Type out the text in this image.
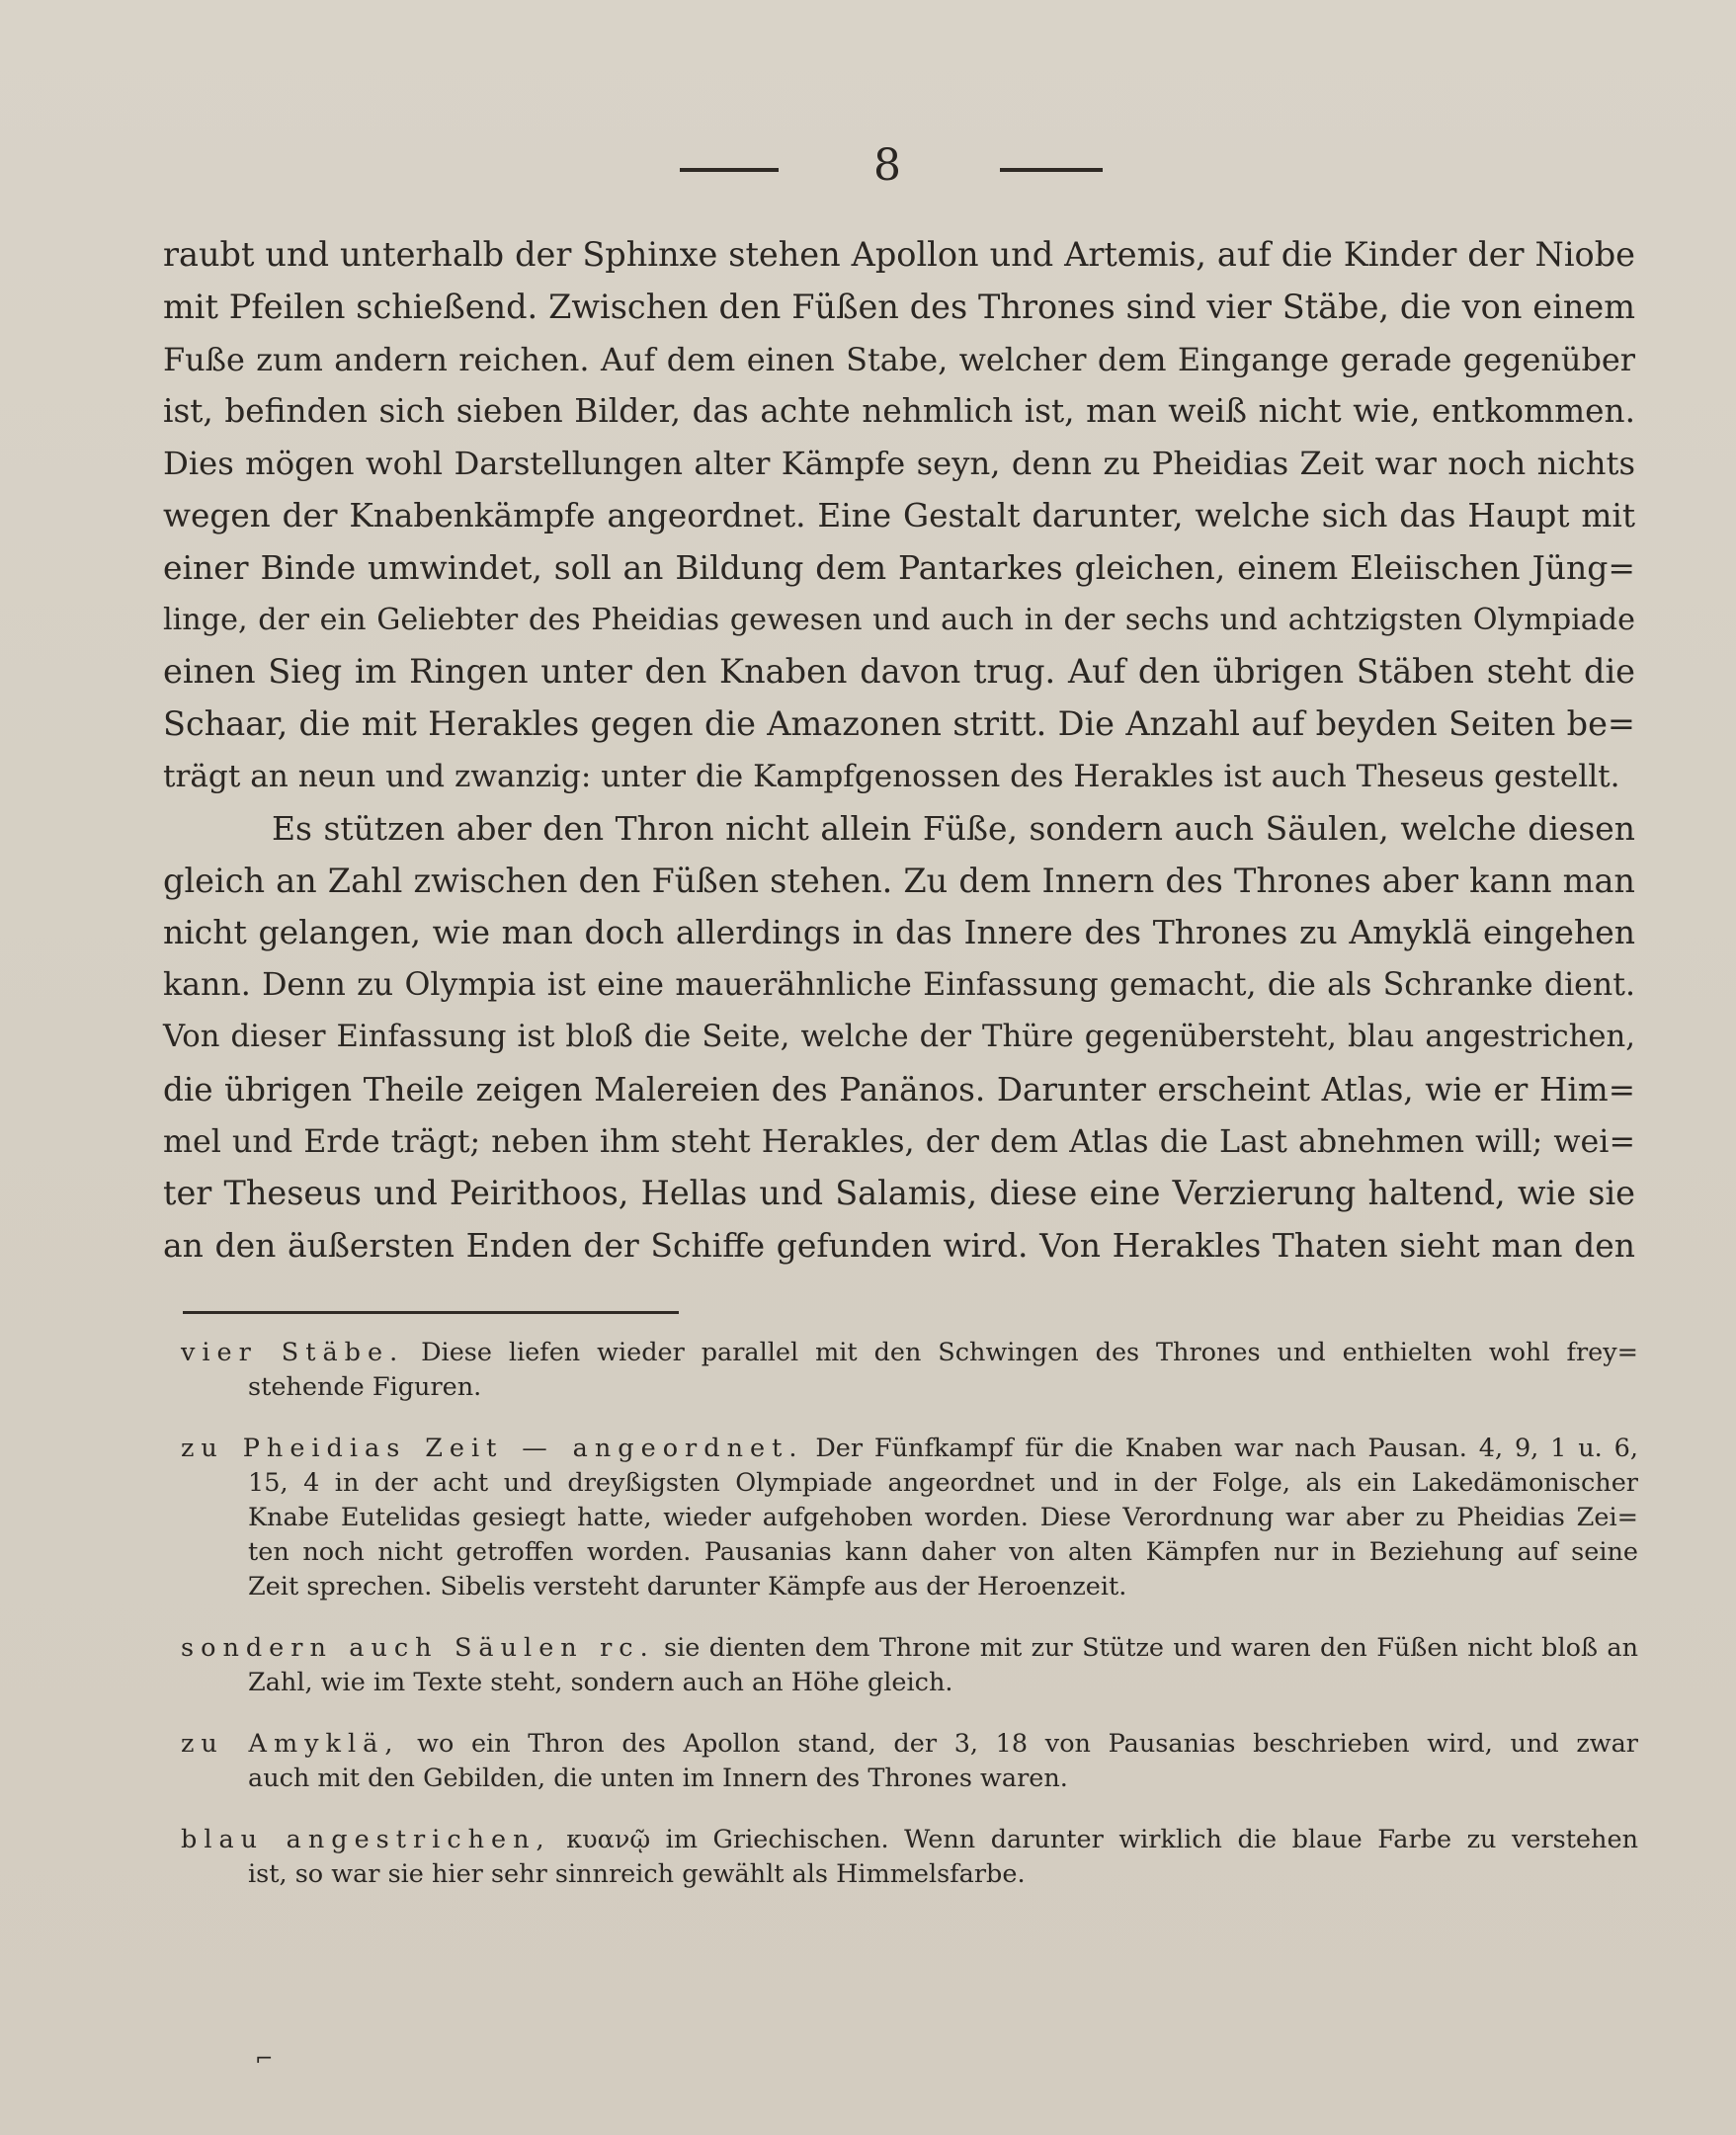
8
raubt und unterhalb der Sphinxe stehen Apollon und Artemis, auf die Kinder der Niobe
mit Pfeilen schießend. Zwischen den Füßen des Thrones sind vier Stäbe, die von einem
Fuße zum andern reichen. Auf dem einen Stabe, welcher dem Eingange gerade gegenüber
ist, befinden sich sieben Bilder, das achte nehmlich ist, man weiß nicht wie, entkommen.
Dies mögen wohl Darstellungen alter Kämpfe seyn, denn zu Pheidias Zeit war noch nichts
wegen der Knabenkämpfe angeordnet. Eine Gestalt darunter, welche sich das Haupt mit
einer Binde umwindet, soll an Bildung dem Pantarkes gleichen, einem Eleiischen Jüng=
linge, der ein Geliebter des Pheidias gewesen und auch in der sechs und achtzigsten Olympiade
einen Sieg im Ringen unter den Knaben davon trug. Auf den übrigen Stäben steht die
Schaar, die mit Herakles gegen die Amazonen stritt. Die Anzahl auf beyden Seiten be=
trägt an neun und zwanzig: unter die Kampfgenossen des Herakles ist auch Theseus gestellt.
Es stützen aber den Thron nicht allein Füße, sondern auch Säulen, welche diesen
gleich an Zahl zwischen den Füßen stehen. Zu dem Innern des Thrones aber kann man
nicht gelangen, wie man doch allerdings in das Innere des Thrones zu Amyklä eingehen
kann. Denn zu Olympia ist eine mauerähnliche Einfassung gemacht, die als Schranke dient.
Von dieser Einfassung ist bloß die Seite, welche der Thüre gegenübersteht, blau angestrichen,
die übrigen Theile zeigen Malereien des Panänos. Darunter erscheint Atlas, wie er Him=
mel und Erde trägt; neben ihm steht Herakles, der dem Atlas die Last abnehmen will; wei=
ter Theseus und Peirithoos, Hellas und Salamis, diese eine Verzierung haltend, wie sie
an den äußersten Enden der Schiffe gefunden wird. Von Herakles Thaten sieht man den
vier Stäbe. Diese liefen wieder parallel mit den Schwingen des Thrones und enthielten wohl frey=
stehende Figuren.
zu Pheidias Zeit — angeordnet. Der Fünfkampf für die Knaben war nach Pausan. 4, 9, 1 u. 6,
15, 4 in der acht und dreyßigsten Olympiade angeordnet und in der Folge, als ein Lakedämonischer
Knabe Eutelidas gesiegt hatte, wieder aufgehoben worden. Diese Verordnung war aber zu Pheidias Zei=
ten noch nicht getroffen worden. Pausanias kann daher von alten Kämpfen nur in Beziehung auf seine
Zeit sprechen. Sibelis versteht darunter Kämpfe aus der Heroenzeit.
sondern auch Säulen rc. sie dienten dem Throne mit zur Stütze und waren den Füßen nicht bloß an
Zahl, wie im Texte steht, sondern auch an Höhe gleich.
zu Amyklä, wo ein Thron des Apollon stand, der 3, 18 von Pausanias beschrieben wird, und zwar
auch mit den Gebilden, die unten im Innern des Thrones waren.
blau angestrichen, κυανῷ im Griechischen. Wenn darunter wirklich die blaue Farbe zu verstehen
ist, so war sie hier sehr sinnreich gewählt als Himmelsfarbe.
⌐
